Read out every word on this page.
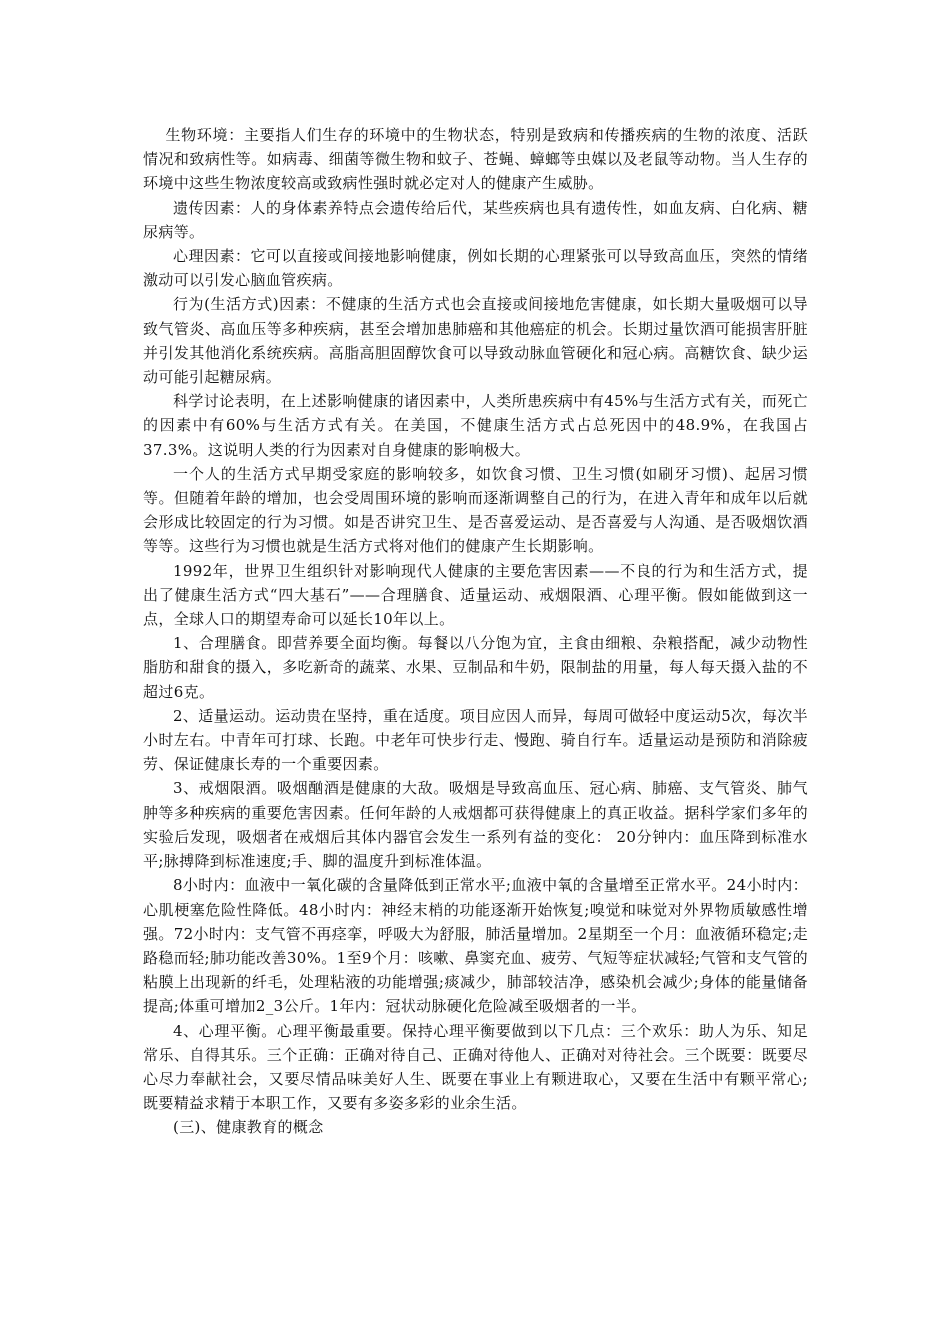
生物环境：主要指人们生存的环境中的生物状态，特别是致病和传播疾病的生物的浓度、活跃情况和致病性等。如病毒、细菌等微生物和蚊子、苍蝇、蟑螂等虫媒以及老鼠等动物。当人生存的环境中这些生物浓度较高或致病性强时就必定对人的健康产生威胁。

遗传因素：人的身体素养特点会遗传给后代，某些疾病也具有遗传性，如血友病、白化病、糖尿病等。

心理因素：它可以直接或间接地影响健康，例如长期的心理紧张可以导致高血压，突然的情绪激动可以引发心脑血管疾病。

行为(生活方式)因素：不健康的生活方式也会直接或间接地危害健康，如长期大量吸烟可以导致气管炎、高血压等多种疾病，甚至会增加患肺癌和其他癌症的机会。长期过量饮酒可能损害肝脏并引发其他消化系统疾病。高脂高胆固醇饮食可以导致动脉血管硬化和冠心病。高糖饮食、缺少运动可能引起糖尿病。

科学讨论表明，在上述影响健康的诸因素中，人类所患疾病中有45%与生活方式有关，而死亡的因素中有60%与生活方式有关。在美国，不健康生活方式占总死因中的48.9%，在我国占37.3%。这说明人类的行为因素对自身健康的影响极大。

一个人的生活方式早期受家庭的影响较多，如饮食习惯、卫生习惯(如刷牙习惯)、起居习惯等。但随着年龄的增加，也会受周围环境的影响而逐渐调整自己的行为，在进入青年和成年以后就会形成比较固定的行为习惯。如是否讲究卫生、是否喜爱运动、是否喜爱与人沟通、是否吸烟饮酒等等。这些行为习惯也就是生活方式将对他们的健康产生长期影响。

1992年，世界卫生组织针对影响现代人健康的主要危害因素——不良的行为和生活方式，提出了健康生活方式“四大基石”——合理膳食、适量运动、戒烟限酒、心理平衡。假如能做到这一点，全球人口的期望寿命可以延长10年以上。

1、合理膳食。即营养要全面均衡。每餐以八分饱为宜，主食由细粮、杂粮搭配，减少动物性脂肪和甜食的摄入，多吃新奇的蔬菜、水果、豆制品和牛奶，限制盐的用量，每人每天摄入盐的不超过6克。

2、适量运动。运动贵在坚持，重在适度。项目应因人而异，每周可做轻中度运动5次，每次半小时左右。中青年可打球、长跑。中老年可快步行走、慢跑、骑自行车。适量运动是预防和消除疲劳、保证健康长寿的一个重要因素。

3、戒烟限酒。吸烟酗酒是健康的大敌。吸烟是导致高血压、冠心病、肺癌、支气管炎、肺气肿等多种疾病的重要危害因素。任何年龄的人戒烟都可获得健康上的真正收益。据科学家们多年的实验后发现，吸烟者在戒烟后其体内器官会发生一系列有益的变化： 20分钟内：血压降到标准水平;脉搏降到标准速度;手、脚的温度升到标准体温。

8小时内：血液中一氧化碳的含量降低到正常水平;血液中氧的含量增至正常水平。24小时内：心肌梗塞危险性降低。48小时内：神经末梢的功能逐渐开始恢复;嗅觉和味觉对外界物质敏感性增强。72小时内：支气管不再痉挛，呼吸大为舒服，肺活量增加。2星期至一个月：血液循环稳定;走路稳而轻;肺功能改善30%。1至9个月：咳嗽、鼻窦充血、疲劳、气短等症状减轻;气管和支气管的粘膜上出现新的纤毛，处理粘液的功能增强;痰减少，肺部较洁净，感染机会减少;身体的能量储备提高;体重可增加2_3公斤。1年内：冠状动脉硬化危险减至吸烟者的一半。

4、心理平衡。心理平衡最重要。保持心理平衡要做到以下几点：三个欢乐：助人为乐、知足常乐、自得其乐。三个正确：正确对待自己、正确对待他人、正确对对待社会。三个既要：既要尽心尽力奉献社会，又要尽情品味美好人生、既要在事业上有颗进取心，又要在生活中有颗平常心;既要精益求精于本职工作，又要有多姿多彩的业余生活。

(三)、健康教育的概念
